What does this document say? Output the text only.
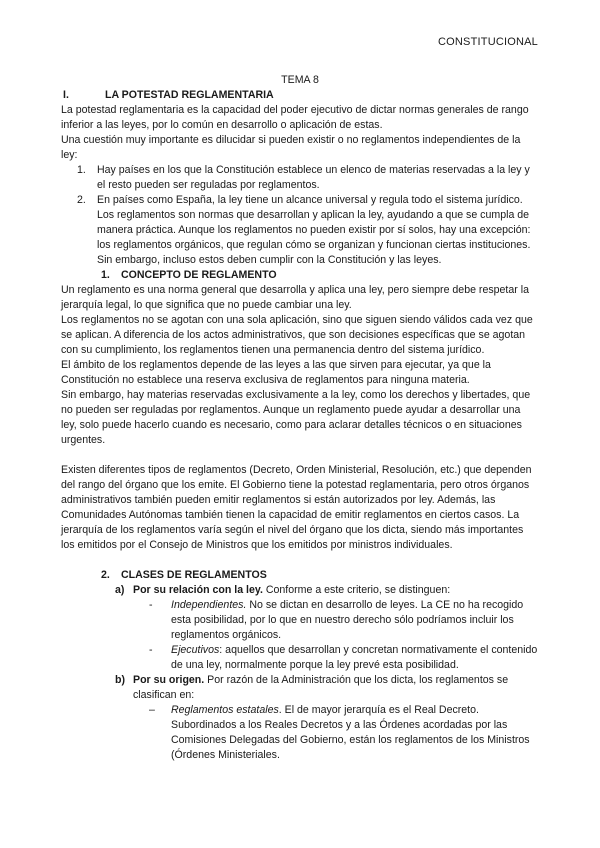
CONSTITUCIONAL

TEMA 8

I.	LA POTESTAD REGLAMENTARIA

La potestad reglamentaria es la capacidad del poder ejecutivo de dictar normas generales de rango inferior a las leyes, por lo común en desarrollo o aplicación de estas.

Una cuestión muy importante es dilucidar si pueden existir o no reglamentos independientes de la ley:

1.	Hay países en los que la Constitución establece un elenco de materias reservadas a la ley y el resto pueden ser reguladas por reglamentos.
2.	En países como España, la ley tiene un alcance universal y regula todo el sistema jurídico. Los reglamentos son normas que desarrollan y aplican la ley, ayudando a que se cumpla de manera práctica. Aunque los reglamentos no pueden existir por sí solos, hay una excepción: los reglamentos orgánicos, que regulan cómo se organizan y funcionan ciertas instituciones. Sin embargo, incluso estos deben cumplir con la Constitución y las leyes.
1.	CONCEPTO DE REGLAMENTO

Un reglamento es una norma general que desarrolla y aplica una ley, pero siempre debe respetar la jerarquía legal, lo que significa que no puede cambiar una ley.

Los reglamentos no se agotan con una sola aplicación, sino que siguen siendo válidos cada vez que se aplican. A diferencia de los actos administrativos, que son decisiones específicas que se agotan con su cumplimiento, los reglamentos tienen una permanencia dentro del sistema jurídico.

El ámbito de los reglamentos depende de las leyes a las que sirven para ejecutar, ya que la Constitución no establece una reserva exclusiva de reglamentos para ninguna materia.

Sin embargo, hay materias reservadas exclusivamente a la ley, como los derechos y libertades, que no pueden ser reguladas por reglamentos. Aunque un reglamento puede ayudar a desarrollar una ley, solo puede hacerlo cuando es necesario, como para aclarar detalles técnicos o en situaciones urgentes.

Existen diferentes tipos de reglamentos (Decreto, Orden Ministerial, Resolución, etc.) que dependen del rango del órgano que los emite. El Gobierno tiene la potestad reglamentaria, pero otros órganos administrativos también pueden emitir reglamentos si están autorizados por ley. Además, las Comunidades Autónomas también tienen la capacidad de emitir reglamentos en ciertos casos. La jerarquía de los reglamentos varía según el nivel del órgano que los dicta, siendo más importantes los emitidos por el Consejo de Ministros que los emitidos por ministros individuales.

2.	CLASES DE REGLAMENTOS
a) Por su relación con la ley. Conforme a este criterio, se distinguen:
-	Independientes. No se dictan en desarrollo de leyes. La CE no ha recogido esta posibilidad, por lo que en nuestro derecho sólo podríamos incluir los reglamentos orgánicos.
-	Ejecutivos: aquellos que desarrollan y concretan normativamente el contenido de una ley, normalmente porque la ley prevé esta posibilidad.
b) Por su origen. Por razón de la Administración que los dicta, los reglamentos se clasifican en:
–	Reglamentos estatales. El de mayor jerarquía es el Real Decreto. Subordinados a los Reales Decretos y a las Órdenes acordadas por las Comisiones Delegadas del Gobierno, están los reglamentos de los Ministros (Órdenes Ministeriales.
